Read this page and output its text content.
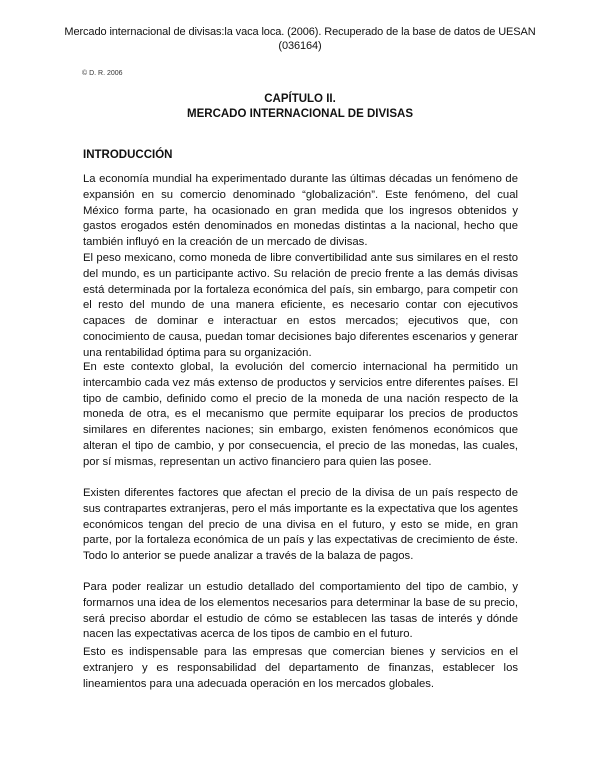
Mercado internacional de divisas:la vaca loca. (2006). Recuperado de la base de datos de UESAN
(036164)
© D. R. 2006
CAPÍTULO II.
MERCADO INTERNACIONAL DE DIVISAS
INTRODUCCIÓN

La economía mundial ha experimentado durante las últimas décadas un fenómeno de expansión en su comercio denominado “globalización”. Este fenómeno, del cual México forma parte, ha ocasionado en gran medida que los ingresos obtenidos y gastos erogados estén denominados en monedas distintas a la nacional, hecho que también influyó en la creación de un mercado de divisas.

El peso mexicano, como moneda de libre convertibilidad ante sus similares en el resto del mundo, es un participante activo. Su relación de precio frente a las demás divisas está determinada por la fortaleza económica del país, sin embargo, para competir con el resto del mundo de una manera eficiente, es necesario contar con ejecutivos capaces de dominar e interactuar en estos mercados; ejecutivos que, con conocimiento de causa, puedan tomar decisiones bajo diferentes escenarios y generar una rentabilidad óptima para su organización.

En este contexto global, la evolución del comercio internacional ha permitido un intercambio cada vez más extenso de productos y servicios entre diferentes países. El tipo de cambio, definido como el precio de la moneda de una nación respecto de la moneda de otra, es el mecanismo que permite equiparar los precios de productos similares en diferentes naciones; sin embargo, existen fenómenos económicos que alteran el tipo de cambio, y por consecuencia, el precio de las monedas, las cuales, por sí mismas, representan un activo financiero para quien las posee.

Existen diferentes factores que afectan el precio de la divisa de un país respecto de sus contrapartes extranjeras, pero el más importante es la expectativa que los agentes económicos tengan del precio de una divisa en el futuro, y esto se mide, en gran parte, por la fortaleza económica de un país y las expectativas de crecimiento de éste. Todo lo anterior se puede analizar a través de la balaza de pagos.

Para poder realizar un estudio detallado del comportamiento del tipo de cambio, y formarnos una idea de los elementos necesarios para determinar la base de su precio, será preciso abordar el estudio de cómo se establecen las tasas de interés y dónde nacen las expectativas acerca de los tipos de cambio en el futuro.

Esto es indispensable para las empresas que comercian bienes y servicios en el extranjero y es responsabilidad del departamento de finanzas, establecer los lineamientos para una adecuada operación en los mercados globales.
